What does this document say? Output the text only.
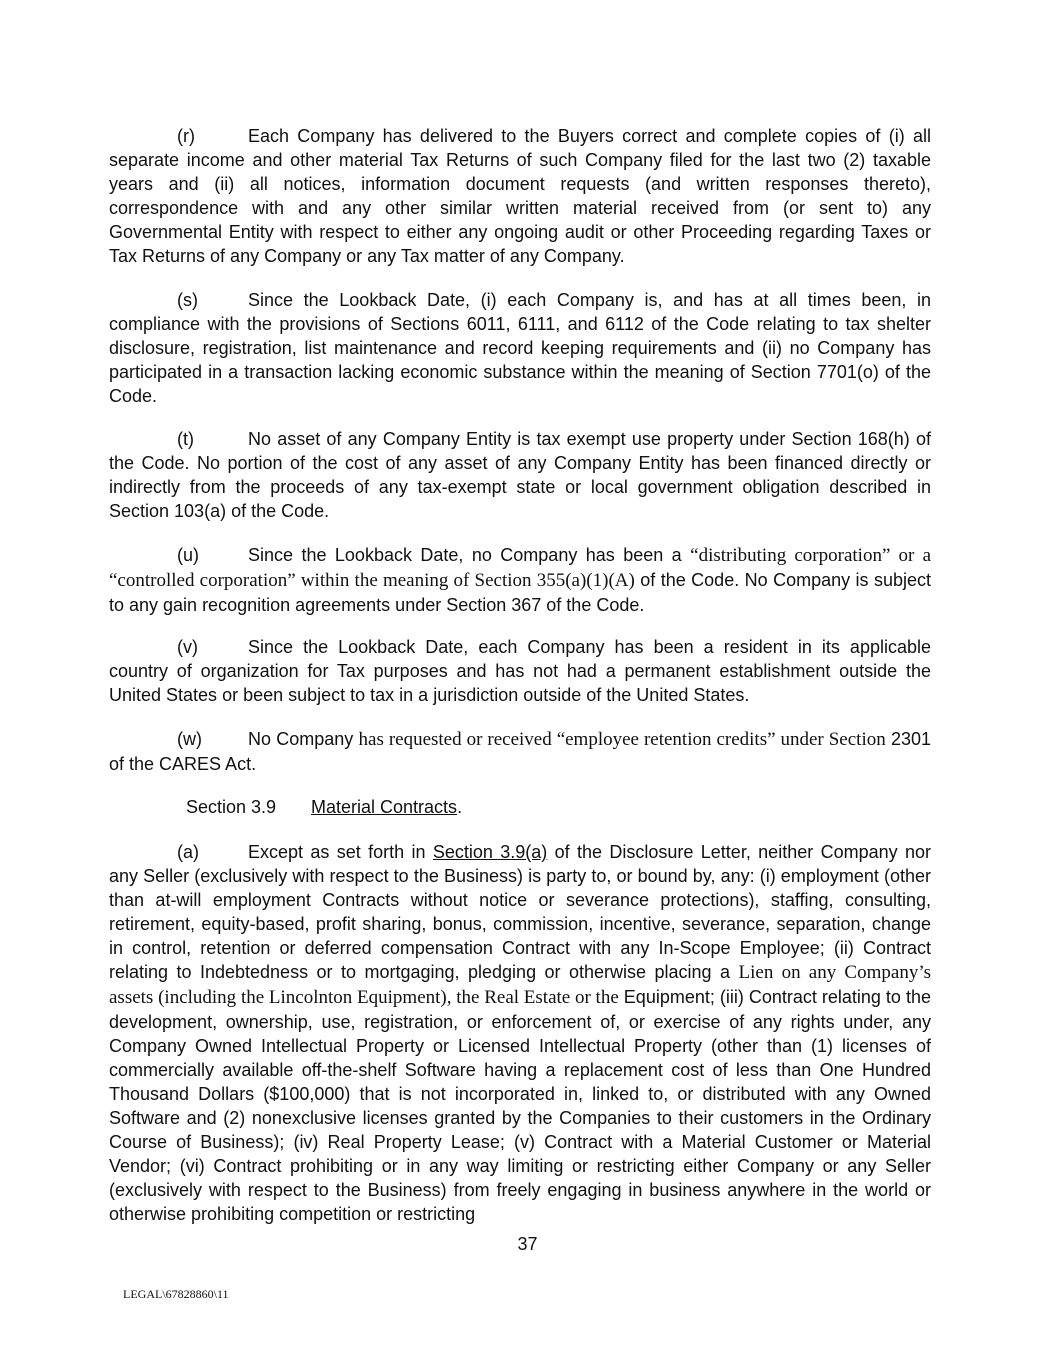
(r)	Each Company has delivered to the Buyers correct and complete copies of (i) all separate income and other material Tax Returns of such Company filed for the last two (2) taxable years and (ii) all notices, information document requests (and written responses thereto), correspondence with and any other similar written material received from (or sent to) any Governmental Entity with respect to either any ongoing audit or other Proceeding regarding Taxes or Tax Returns of any Company or any Tax matter of any Company.

(s)	Since the Lookback Date, (i) each Company is, and has at all times been, in compliance with the provisions of Sections 6011, 6111, and 6112 of the Code relating to tax shelter disclosure, registration, list maintenance and record keeping requirements and (ii) no Company has participated in a transaction lacking economic substance within the meaning of Section 7701(o) of the Code.

(t)	No asset of any Company Entity is tax exempt use property under Section 168(h) of the Code. No portion of the cost of any asset of any Company Entity has been financed directly or indirectly from the proceeds of any tax-exempt state or local government obligation described in Section 103(a) of the Code.

(u)	Since the Lookback Date, no Company has been a “distributing corporation” or a “controlled corporation” within the meaning of Section 355(a)(1)(A) of the Code. No Company is subject to any gain recognition agreements under Section 367 of the Code.

(v)	Since the Lookback Date, each Company has been a resident in its applicable country of organization for Tax purposes and has not had a permanent establishment outside the United States or been subject to tax in a jurisdiction outside of the United States.

(w)	No Company has requested or received “employee retention credits” under Section 2301 of the CARES Act.

Section 3.9 Material Contracts.

(a)	Except as set forth in Section 3.9(a) of the Disclosure Letter, neither Company nor any Seller (exclusively with respect to the Business) is party to, or bound by, any: (i) employment (other than at-will employment Contracts without notice or severance protections), staffing, consulting, retirement, equity-based, profit sharing, bonus, commission, incentive, severance, separation, change in control, retention or deferred compensation Contract with any In-Scope Employee; (ii) Contract relating to Indebtedness or to mortgaging, pledging or otherwise placing a Lien on any Company’s assets (including the Lincolnton Equipment), the Real Estate or the Equipment; (iii) Contract relating to the development, ownership, use, registration, or enforcement of, or exercise of any rights under, any Company Owned Intellectual Property or Licensed Intellectual Property (other than (1) licenses of commercially available off-the-shelf Software having a replacement cost of less than One Hundred Thousand Dollars ($100,000) that is not incorporated in, linked to, or distributed with any Owned Software and (2) nonexclusive licenses granted by the Companies to their customers in the Ordinary Course of Business); (iv) Real Property Lease; (v) Contract with a Material Customer or Material Vendor; (vi) Contract prohibiting or in any way limiting or restricting either Company or any Seller (exclusively with respect to the Business) from freely engaging in business anywhere in the world or otherwise prohibiting competition or restricting

37
LEGAL\67828860\11
